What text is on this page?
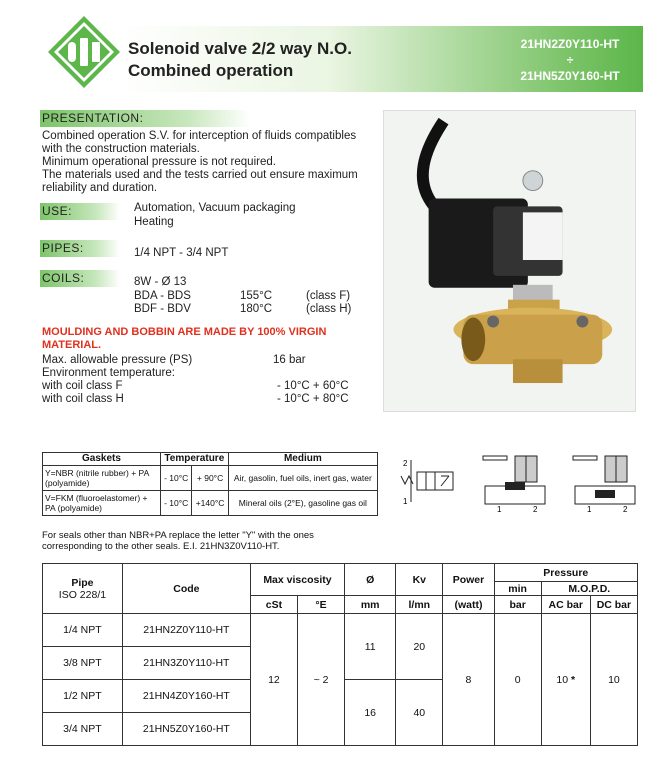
Solenoid valve 2/2 way N.O.
Combined operation
21HN2Z0Y110-HT
÷
21HN5Z0Y160-HT
PRESENTATION:
Combined operation S.V. for interception of fluids compatibles
with the construction materials.
Minimum operational pressure is not required.
The materials used and the tests carried out ensure maximum
reliability and duration.
USE:	Automation, Vacuum packaging
Heating
PIPES:	1/4 NPT - 3/4 NPT
COILS:	8W - Ø 13
BDA - BDS	155°C	(class F)
BDF - BDV	180°C	(class H)
MOULDING AND BOBBIN ARE MADE BY 100% VIRGIN
MATERIAL.
Max. allowable pressure (PS)	16 bar
Environment temperature:
with coil class F	- 10°C + 60°C
with coil class H	- 10°C + 80°C
Gaskets	Temperature		Medium
Y=NBR (nitrile rubber) + PA (polyamide)	- 10°C	+ 90°C	Air, gasolin, fuel oils, inert gas, water
V=FKM (fluoroelastomer) + PA (polyamide)	- 10°C	+140°C	Mineral oils (2°E), gasoline gas oil
2
1
1	2	1	2
For seals other than NBR+PA replace the letter "Y" with the ones
corresponding to the other seals. E.I. 21HN3Z0V110-HT.
Pipe
ISO 228/1	Code	Max viscosity		Ø	Kv	Power	Pressure		
							min	M.O.P.D.	
		cSt	°E	mm	l/mn	(watt)	bar	AC bar	DC bar
1/4 NPT	21HN2Z0Y110-HT	12	~ 2	11	20	8	0	10 *	10
3/8 NPT	21HN3Z0Y110-HT								
1/2 NPT	21HN4Z0Y160-HT			16	40				
3/4 NPT	21HN5Z0Y160-HT								
